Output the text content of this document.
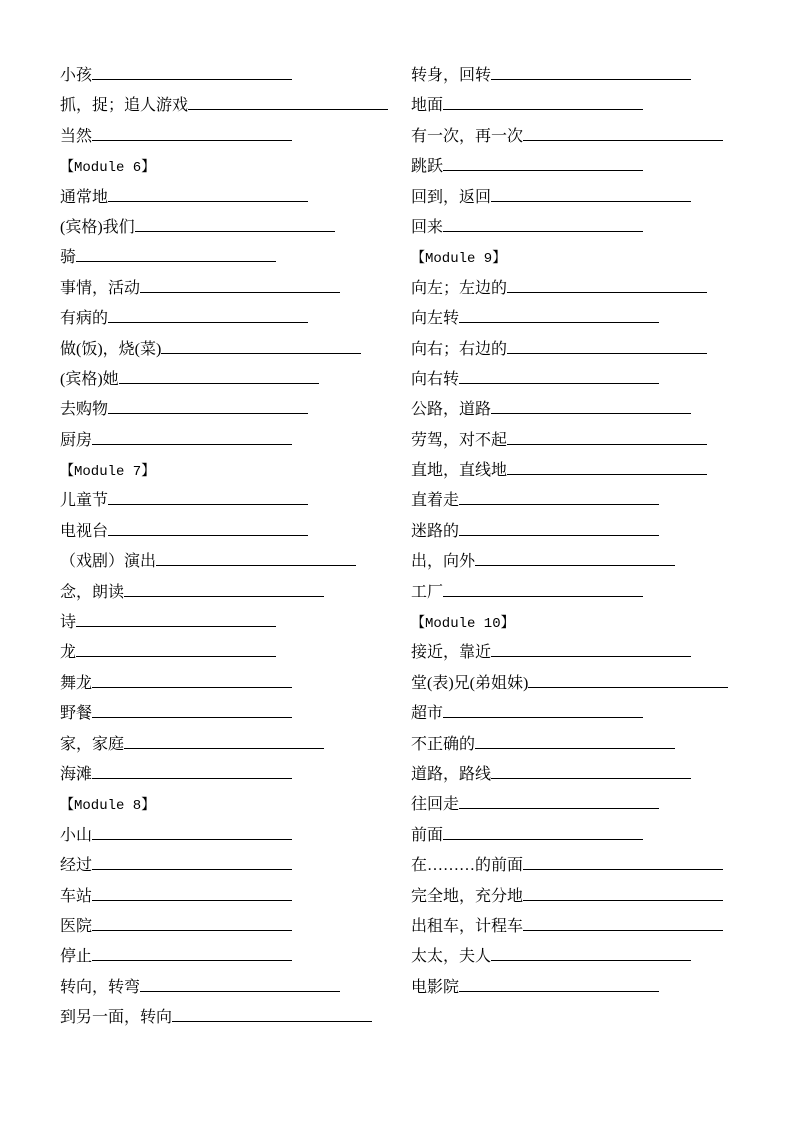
小孩
抓，捉；追人游戏
当然
【Module 6】
通常地
(宾格)我们
骑
事情，活动
有病的
做(饭)，烧(菜)
(宾格)她
去购物
厨房
【Module 7】
儿童节
电视台
（戏剧）演出
念，朗读
诗
龙
舞龙
野餐
家，家庭
海滩
【Module 8】
小山
经过
车站
医院
停止
转向，转弯
到另一面，转向
转身，回转
地面
有一次，再一次
跳跃
回到，返回
回来
【Module 9】
向左；左边的
向左转
向右；右边的
向右转
公路，道路
劳驾，对不起
直地，直线地
直着走
迷路的
出，向外
工厂
【Module 10】
接近，靠近
堂(表)兄(弟姐妹)
超市
不正确的
道路，路线
往回走
前面
在………的前面
完全地，充分地
出租车，计程车
太太，夫人
电影院
